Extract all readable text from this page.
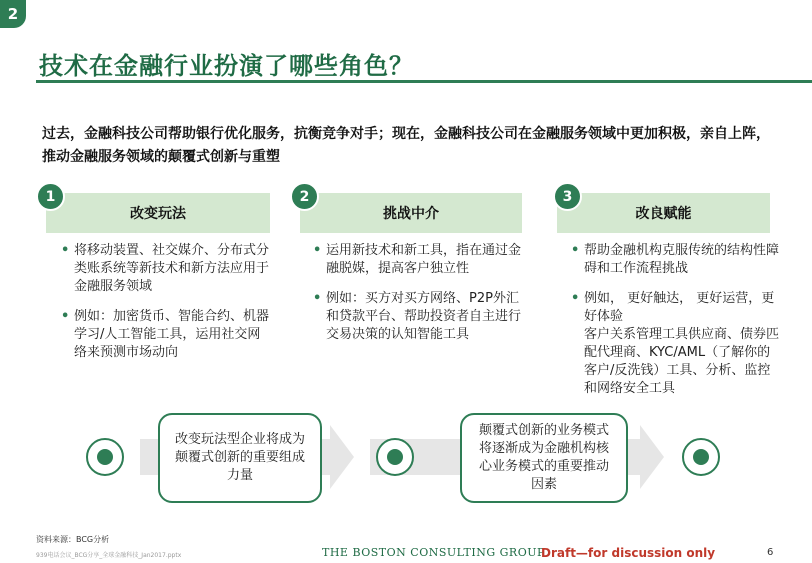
2
技术在金融行业扮演了哪些角色？
过去，金融科技公司帮助银行优化服务，抗衡竞争对手；现在，金融科技公司在金融服务领域中更加积极，亲自上阵，推动金融服务领域的颠覆式创新与重塑
改变玩法
1
• 将移动装置、社交媒介、分布式分类账系统等新技术和新方法应用于金融服务领域
• 例如：加密货币、智能合约、机器学习/人工智能工具，运用社交网络来预测市场动向
挑战中介
2
• 运用新技术和新工具，指在通过金融脱媒，提高客户独立性
• 例如：买方对买方网络、P2P外汇和贷款平台、帮助投资者自主进行交易决策的认知智能工具
改良赋能
3
• 帮助金融机构克服传统的结构性障碍和工作流程挑战
• 例如， 更好触达， 更好运营，更好体验
客户关系管理工具供应商、债券匹配代理商、KYC/AML（了解你的客户/反洗钱）工具、分析、监控和网络安全工具
改变玩法型企业将成为颠覆式创新的重要组成力量
颠覆式创新的业务模式将逐渐成为金融机构核心业务模式的重要推动因素
资料来源：BCG分析
939电话会议_BCG分享_全球金融科技_Jan2017.pptx	THE BOSTON CONSULTING GROUP
Draft—for discussion only	6
